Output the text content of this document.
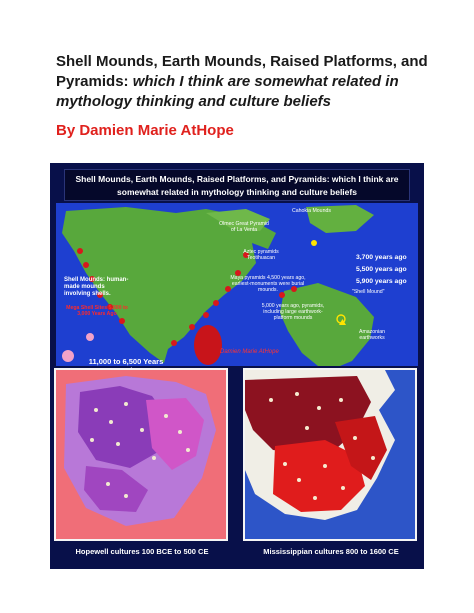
Shell Mounds, Earth Mounds, Raised Platforms, and Pyramids: which I think are somewhat related in mythology thinking and culture beliefs
By Damien Marie AtHope
Shell Mounds, Earth Mounds, Raised Platforms, and Pyramids: which I think are somewhat related in mythology thinking and culture beliefs
Cahokia Mounds
Olmec Great Pyramid of La Venta
Aztec pyramids Teotihuacan
Maya pyramids 4,500 years ago, earliest-monuments were burial mounds.
5,000 years ago, pyramids, including large earthwork-platform mounds
3,700 years ago
5,500 years ago
5,900 years ago
"Shell Mound"
Amazonian earthworks
Shell Mounds: human-made mounds involving shells.
Mega Shell Sites 5,000 to 3,000 Years Ago
11,000 to 6,500 Years
Damien Marie AtHope
Hopewell cultures 100 BCE to 500 CE	Mississippian cultures 800 to 1600 CE
